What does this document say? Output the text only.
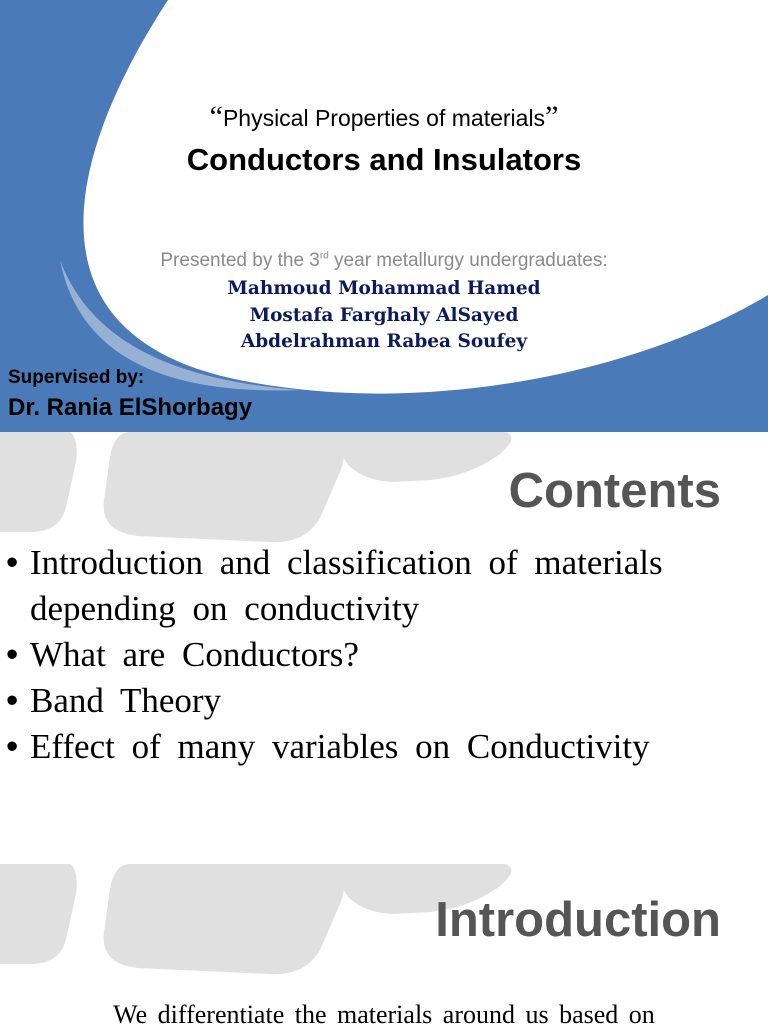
“Physical Properties of materials”

Conductors and Insulators

Presented by the 3rd year metallurgy undergraduates:

Mahmoud Mohammad Hamed
Mostafa Farghaly AlSayed
Abdelrahman Rabea Soufey

Supervised by:

Dr. Rania ElShorbagy

Contents
• Introduction and classification of materials depending on conductivity
• What are Conductors?
• Band Theory
• Effect of many variables on Conductivity
Introduction

We differentiate the materials around us based on
